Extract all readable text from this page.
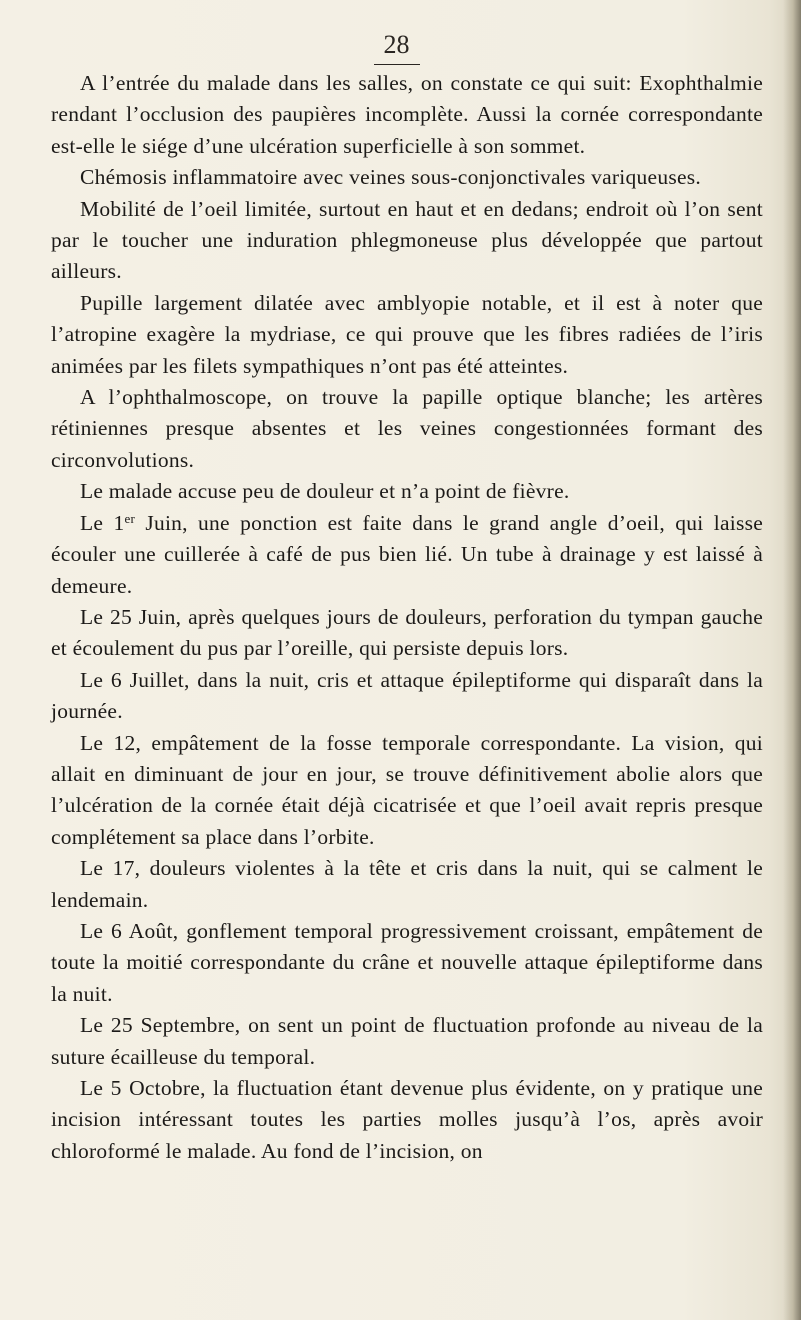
28

A l’entrée du malade dans les salles, on constate ce qui suit: Exophthalmie rendant l’occlusion des paupières incomplète. Aussi la cornée correspondante est-elle le siége d’une ulcération superficielle à son sommet.

Chémosis inflammatoire avec veines sous-conjonctivales variqueuses.

Mobilité de l’oeil limitée, surtout en haut et en dedans; endroit où l’on sent par le toucher une induration phlegmoneuse plus développée que partout ailleurs.

Pupille largement dilatée avec amblyopie notable, et il est à noter que l’atropine exagère la mydriase, ce qui prouve que les fibres radiées de l’iris animées par les filets sympathiques n’ont pas été atteintes.

A l’ophthalmoscope, on trouve la papille optique blanche; les artères rétiniennes presque absentes et les veines congestionnées formant des circonvolutions.

Le malade accuse peu de douleur et n’a point de fièvre.

Le 1er Juin, une ponction est faite dans le grand angle d’oeil, qui laisse écouler une cuillerée à café de pus bien lié. Un tube à drainage y est laissé à demeure.

Le 25 Juin, après quelques jours de douleurs, perforation du tympan gauche et écoulement du pus par l’oreille, qui persiste depuis lors.

Le 6 Juillet, dans la nuit, cris et attaque épileptiforme qui disparaît dans la journée.

Le 12, empâtement de la fosse temporale correspondante. La vision, qui allait en diminuant de jour en jour, se trouve définitivement abolie alors que l’ulcération de la cornée était déjà cicatrisée et que l’oeil avait repris presque complétement sa place dans l’orbite.

Le 17, douleurs violentes à la tête et cris dans la nuit, qui se calment le lendemain.

Le 6 Août, gonflement temporal progressivement croissant, empâtement de toute la moitié correspondante du crâne et nouvelle attaque épileptiforme dans la nuit.

Le 25 Septembre, on sent un point de fluctuation profonde au niveau de la suture écailleuse du temporal.

Le 5 Octobre, la fluctuation étant devenue plus évidente, on y pratique une incision intéressant toutes les parties molles jusqu’à l’os, après avoir chloroformé le malade. Au fond de l’incision, on
